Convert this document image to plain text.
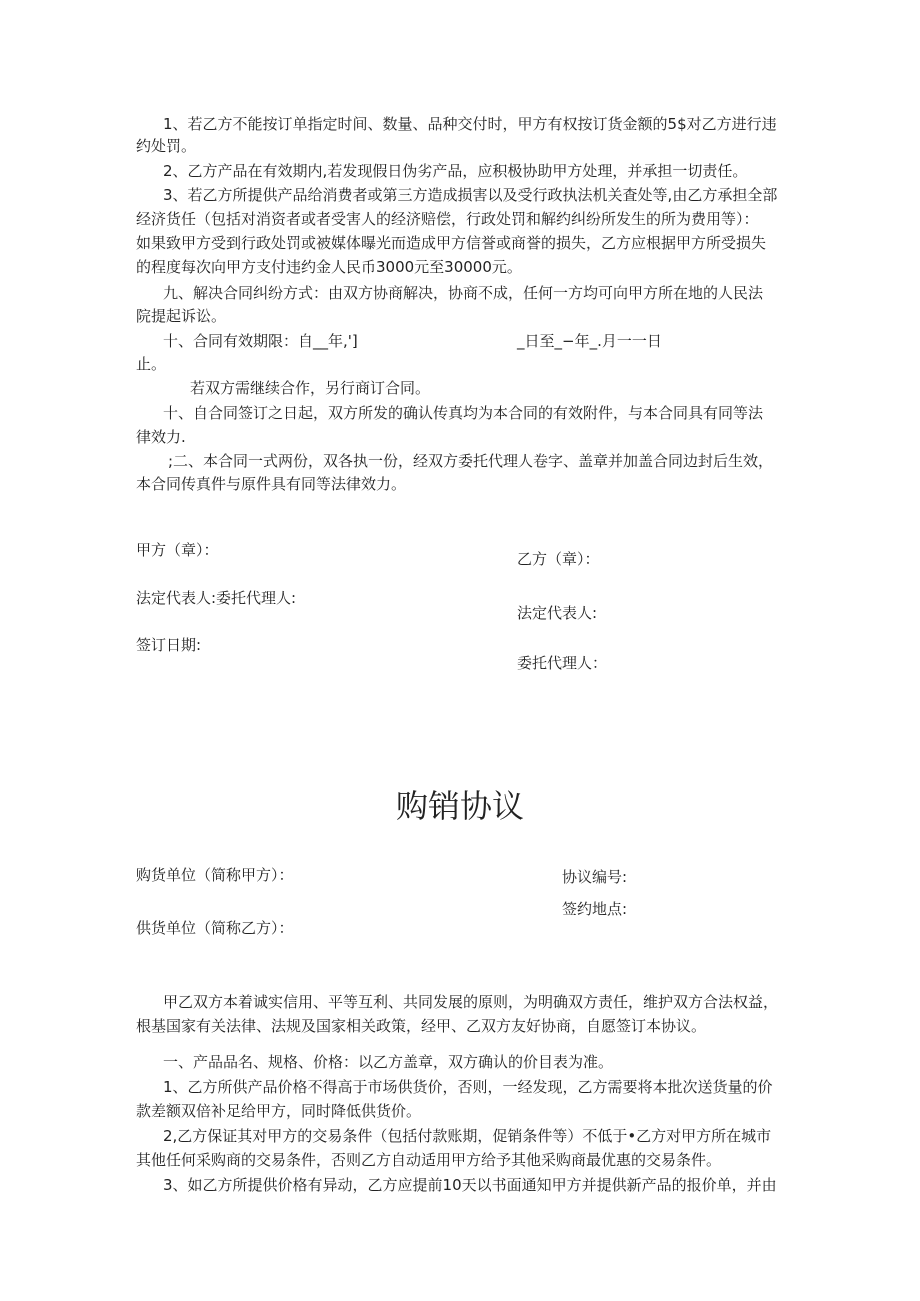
1、若乙方不能按订单指定时间、数量、品种交付时，甲方有权按订货金额的5$对乙方进行违
约处罚。
2、乙方产品在有效期内,若发现假日伪劣产品，应积极协助甲方处理，并承担一切责任。
3、若乙方所提供产品给消费者或第三方造成损害以及受行政执法机关査处等,由乙方承担全部
经济货任（包括对消资者或者受害人的经济赔偿，行政处罚和解约纠纷所发生的所为费用等）：
如果致甲方受到行政处罚或被媒体曝光而造成甲方信誉或商誉的损失，乙方应根据甲方所受损失
的程度每次向甲方支付违约金人民币3000元至30000元。
九、解决合同纠纷方式：由双方协商解决，协商不成，任何一方均可向甲方所在地的人民法
院提起诉讼。
十、合同有效期限：自__年,']	_日至_−年_.月一一日
止。
若双方需继续合作，另行商订合同。
十、自合同签订之日起，双方所发的确认传真均为本合同的有效附件，与本合同具有同等法
律效力.
;二、本合同一式两份，双各执一份，经双方委托代理人卷字、盖章并加盖合同边封后生效，
本合同传真件与原件具有同等法律效力。
甲方（章）：
法定代表人:委托代理人:
签订日期:
乙方（章）：
法定代表人:
委托代理人：
购销协议
购货单位（简称甲方）：	协议编号:
签约地点:
供货单位（简称乙方）：
甲乙双方本着诚实信用、平等互利、共同发展的原则，为明确双方责任，维护双方合法权益，
根基国家有关法律、法规及国家相关政策，经甲、乙双方友好协商，自愿签订本协议。
一、产品品名、规格、价格：以乙方盖章，双方确认的价目表为准。
1、乙方所供产品价格不得高于市场供货价，否则，一经发现，乙方需要将本批次送货量的价
款差额双倍补足给甲方，同时降低供货价。
2,乙方保证其对甲方的交易条件（包括付款账期，促销条件等）不低于•乙方对甲方所在城市
其他任何采购商的交易条件，否则乙方自动适用甲方给予其他采购商最优惠的交易条件。
3、如乙方所提供价格有异动，乙方应提前10天以书面通知甲方并提供新产品的报价单，并由
